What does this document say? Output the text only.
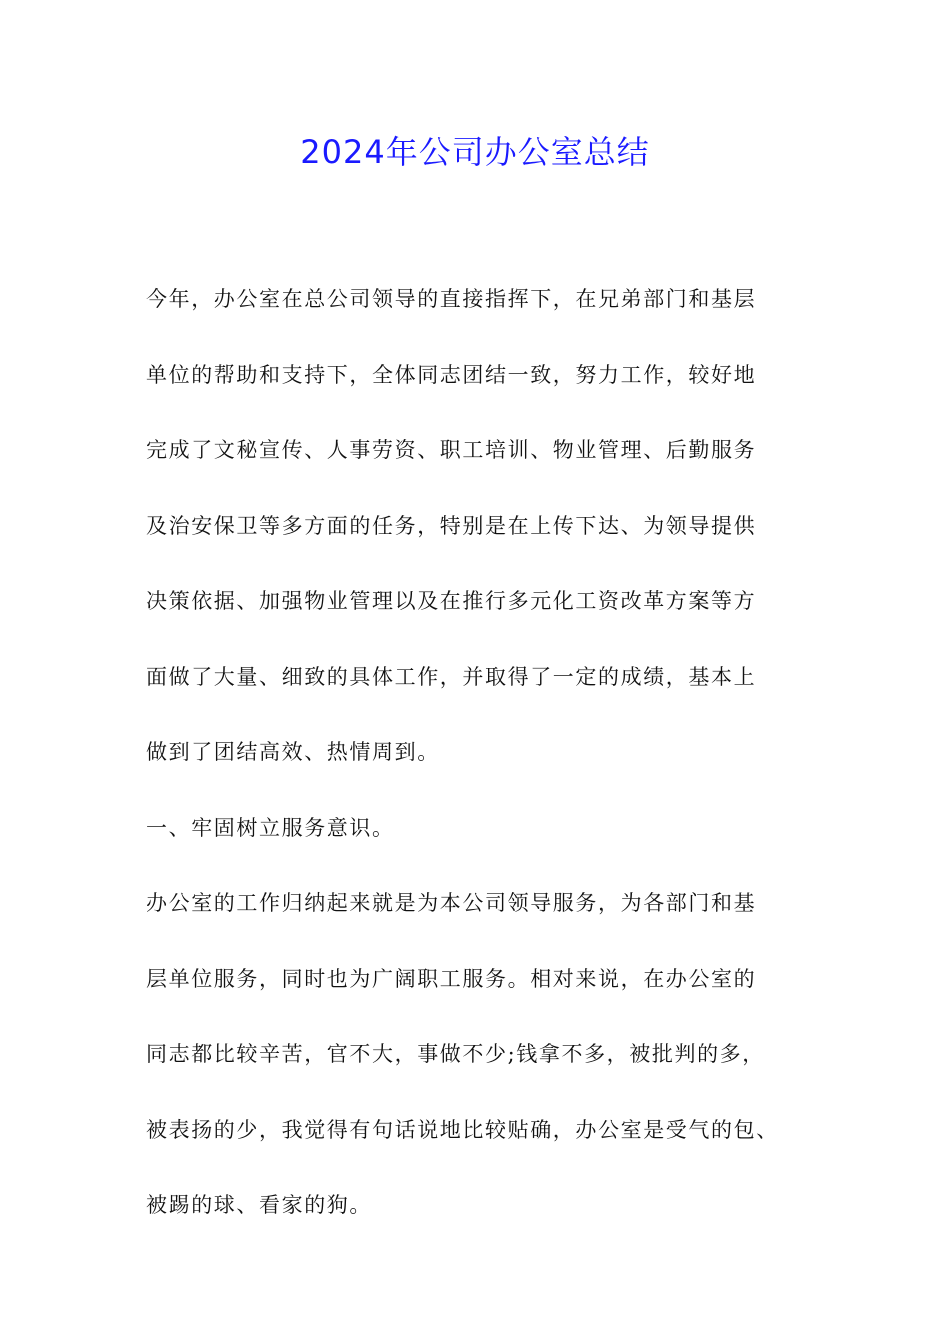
2024年公司办公室总结
今年，办公室在总公司领导的直接指挥下，在兄弟部门和基层
单位的帮助和支持下，全体同志团结一致，努力工作，较好地
完成了文秘宣传、人事劳资、职工培训、物业管理、后勤服务
及治安保卫等多方面的任务，特别是在上传下达、为领导提供
决策依据、加强物业管理以及在推行多元化工资改革方案等方
面做了大量、细致的具体工作，并取得了一定的成绩，基本上
做到了团结高效、热情周到。
一、牢固树立服务意识。
办公室的工作归纳起来就是为本公司领导服务，为各部门和基
层单位服务，同时也为广阔职工服务。相对来说，在办公室的
同志都比较辛苦，官不大，事做不少;钱拿不多，被批判的多，
被表扬的少，我觉得有句话说地比较贴确，办公室是受气的包、
被踢的球、看家的狗。
